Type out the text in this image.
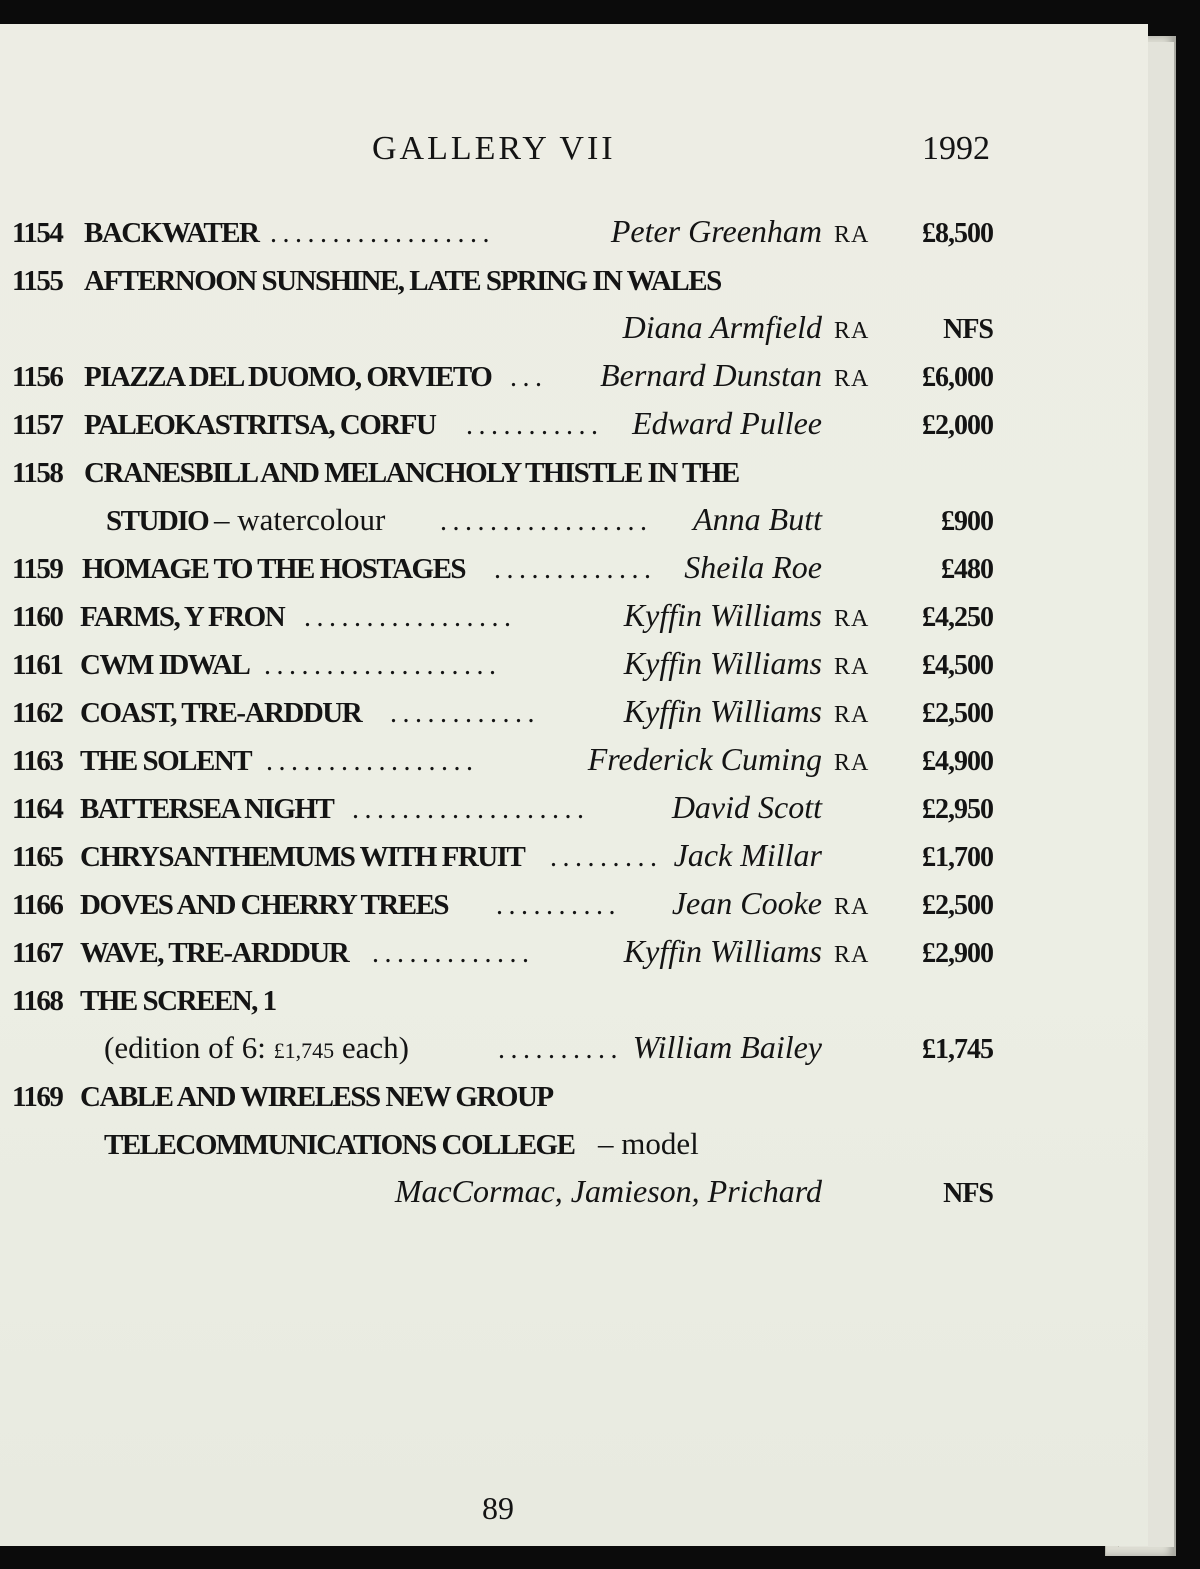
GALLERY VII	1992
1154 BACKWATER ..................	Peter Greenham RA £8,500
1155 AFTERNOON SUNSHINE, LATE SPRING IN WALES
Diana Armfield RA	NFS
1156 PIAZZA DEL DUOMO, ORVIETO ...	Bernard Dunstan RA £6,000
1157 PALEOKASTRITSA, CORFU ........... Edward Pullee	£2,000
1158 CRANESBILL AND MELANCHOLY THISTLE IN THE
STUDIO – watercolour .................	Anna Butt	£900
1159 HOMAGE TO THE HOSTAGES ............. Sheila Roe	£480
1160 FARMS, Y FRON .................	Kyffin Williams RA £4,250
1161 CWM IDWAL ...................	Kyffin Williams RA £4,500
1162 COAST, TRE-ARDDUR ............	Kyffin Williams RA £2,500
1163 THE SOLENT .................	Frederick Cuming RA £4,900
1164 BATTERSEA NIGHT ...................	David Scott	£2,950
1165 CHRYSANTHEMUMS WITH FRUIT ......... Jack Millar	£1,700
1166 DOVES AND CHERRY TREES ..........	Jean Cooke RA £2,500
1167 WAVE, TRE-ARDDUR .............	Kyffin Williams RA £2,900
1168 THE SCREEN, 1
(edition of 6: £1,745 each)	.......... William Bailey	£1,745
1169 CABLE AND WIRELESS NEW GROUP
TELECOMMUNICATIONS COLLEGE – model
MacCormac, Jamieson, Prichard	NFS
89
